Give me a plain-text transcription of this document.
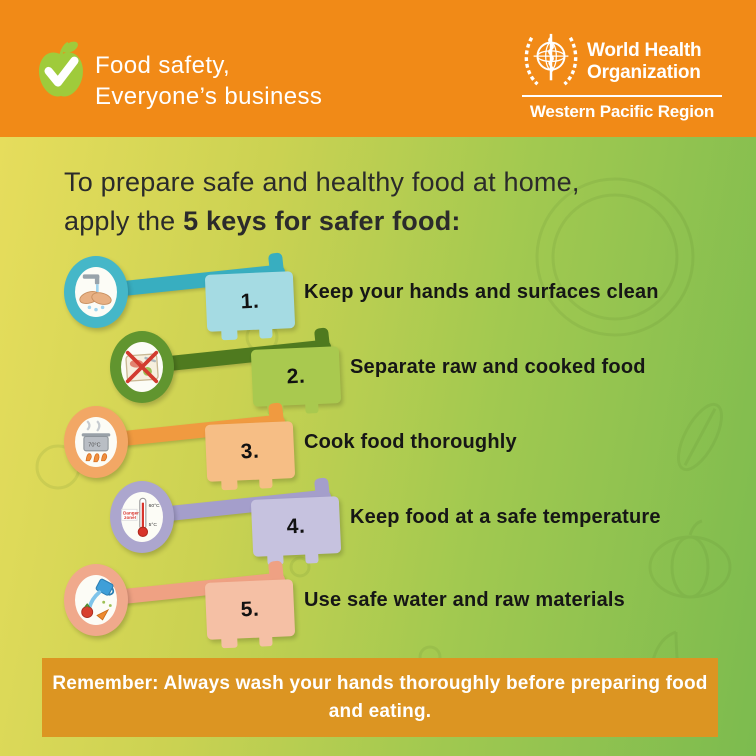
Food safety,
Everyone’s business
World Health
Organization
Western Pacific Region
To prepare safe and healthy food at home,
apply the 5 keys for safer food:
1. Keep your hands and surfaces clean
2. Separate raw and cooked food
3.
70°C	Cook food thoroughly
4.
Danger
zone!
60°C
5°C	Keep food at a safe temperature
5. Use safe water and raw materials
Remember: Always wash your hands thoroughly before preparing food
and eating.
